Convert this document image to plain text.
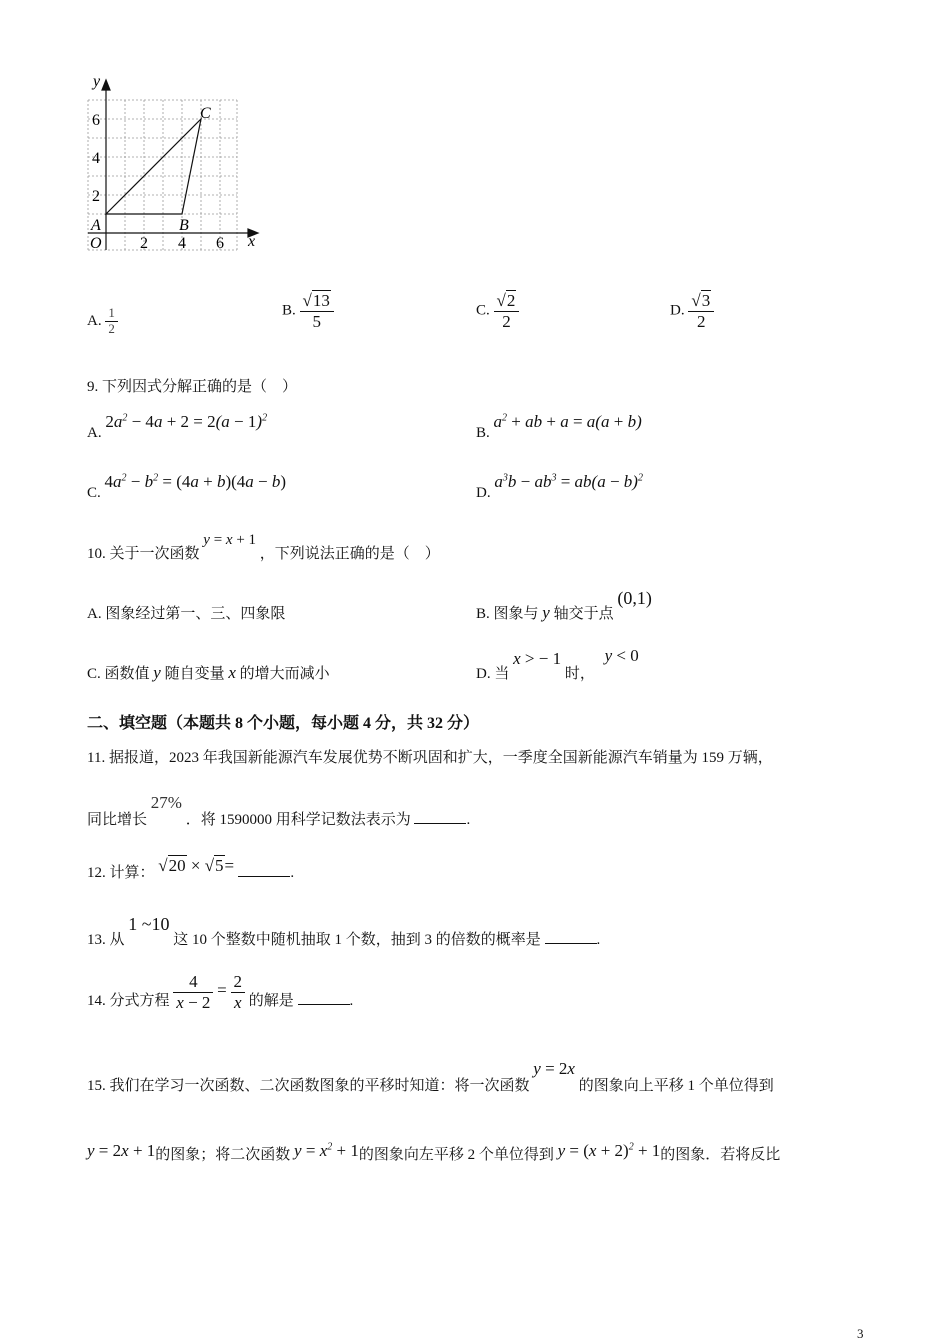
y
x
O
2
4
6
2 4 6
A	B
C
A. $\frac{1}{2}$	B. $\frac{√13}{5}$	C. $\frac{√2}{2}$	D. $\frac{√3}{2}$
9. 下列因式分解正确的是（　）
A. $2a^2 - 4a + 2 = 2(a - 1)^2$
B. $a^2$ + ab + a = a(a + b)
C. $4a^2 - b^2 = (4a + b)(4a - b)$
D. $a^3b - ab^3 = ab(a - b)^2$
10. 关于一次函数 y = x + 1 ，下列说法正确的是（　）
A. 图象经过第一、三、四象限	B. 图象与 y 轴交于点 (0,1)
C. 函数值 y 随自变量 x 的增大而减小	D. 当 x > − 1 时， y < 0
二、填空题（本题共 8 个小题，每小题 4 分，共 32 分）
11. 据报道，2023 年我国新能源汽车发展优势不断巩固和扩大，一季度全国新能源汽车销量为 159 万辆，
同比增长 27% ．将 1590000 用科学记数法表示为	.
12. 计算： √20 × √5=	.
13. 从 1 ~10 这 10 个整数中随机抽取 1 个数，抽到 3 的倍数的概率是	.
14. 分式方程 $\frac{4}{x - 2} = \frac{2}{x}$ 的解是	.
15. 我们在学习一次函数、二次函数图象的平移时知道：将一次函数 y = 2x 的图象向上平移 1 个单位得到
y = 2x + 1的图象；将二次函数 $y = x^2 + 1$的图象向左平移 2 个单位得到 $y = (x + 2)^2 + 1$的图象．若将反比
3
